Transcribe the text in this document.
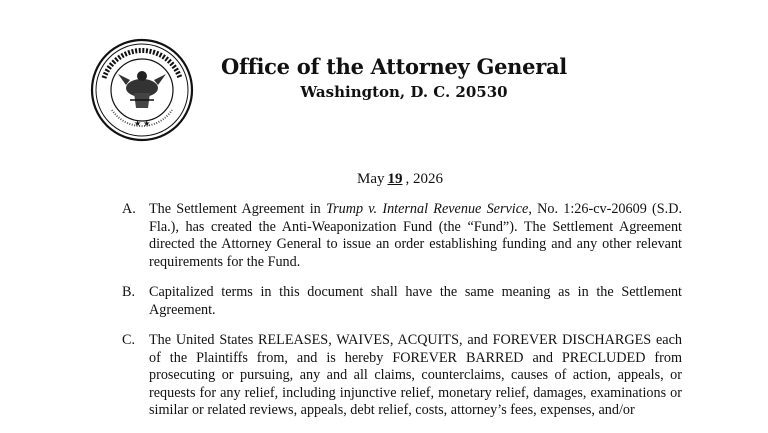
★ ★
Office of the Attorney General
Washington, D. C. 20530
May 19 , 2026
A. The Settlement Agreement in Trump v. Internal Revenue Service, No. 1:26-cv-20609 (S.D. Fla.), has created the Anti-Weaponization Fund (the “Fund”). The Settlement Agreement directed the Attorney General to issue an order establishing funding and any other relevant requirements for the Fund.
B. Capitalized terms in this document shall have the same meaning as in the Settlement Agreement.
C. The United States RELEASES, WAIVES, ACQUITS, and FOREVER DISCHARGES each of the Plaintiffs from, and is hereby FOREVER BARRED and PRECLUDED from prosecuting or pursuing, any and all claims, counterclaims, causes of action, appeals, or requests for any relief, including injunctive relief, monetary relief, damages, examinations or similar or related reviews, appeals, debt relief, costs, attorney’s fees, expenses, and/or
